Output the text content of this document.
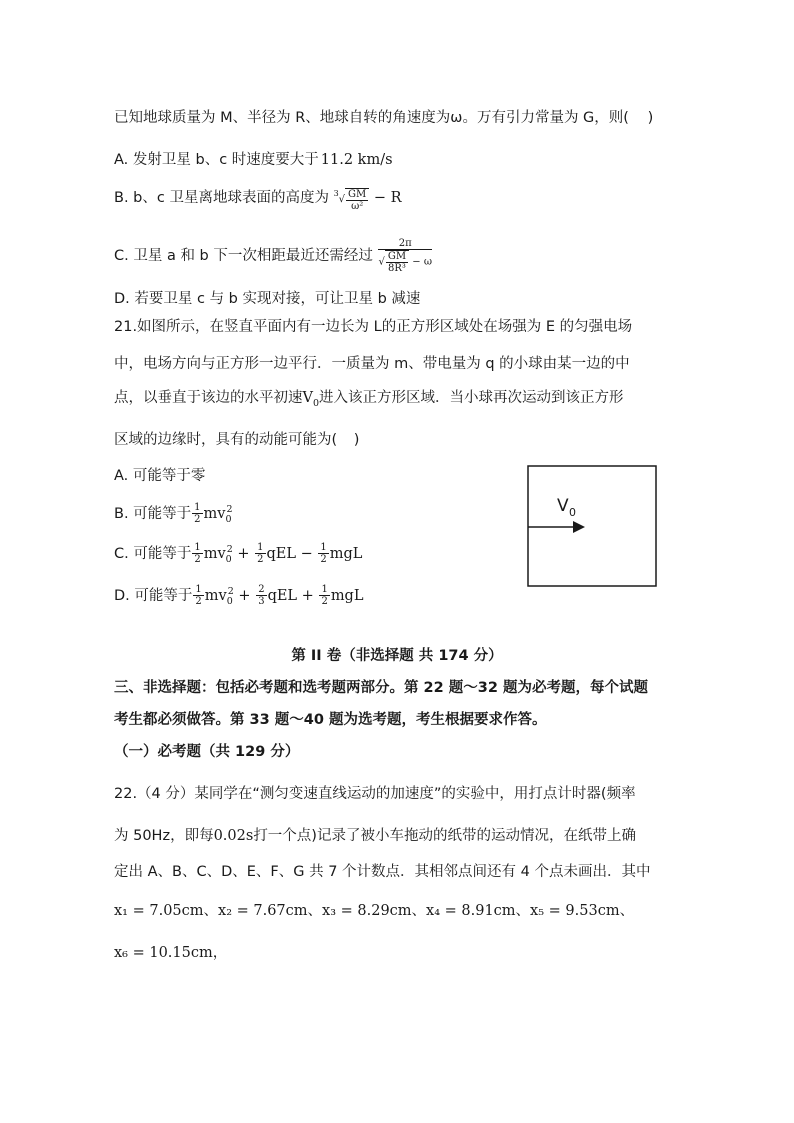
已知地球质量为 M、半径为 R、地球自转的角速度为ω。万有引力常量为 G，则( )
A. 发射卫星 b、c 时速度要大于 11.2 km/s
B. b、c 卫星离地球表面的高度为 $^3√ \frac{GM}{\text{ω²}} - R$
C. 卫星 a 和 b 下一次相距最近还需经过 $\frac{2\pi}{√ \frac{GM}{\text{8R³}} - \omega}$
D. 若要卫星 c 与 b 实现对接，可让卫星 b 减速
21.如图所示，在竖直平面内有一边长为 L的正方形区域处在场强为 E 的匀强电场
中，电场方向与正方形一边平行．一质量为 m、带电量为 q 的小球由某一边的中
点，以垂直于该边的水平初速$V_0$进入该正方形区域．当小球再次运动到该正方形
区域的边缘时，具有的动能可能为( )
A. 可能等于零
B. 可能等于 $\frac{1}{2} mv_0^2$
C. 可能等于 $\frac{1}{2} mv_0^2 + \frac{1}{2}$ qEL − $\frac{1}{2}$ mgL
D. 可能等于 $\frac{1}{2} mv_0^2 + \frac{2}{3}$ qEL + $\frac{1}{2}$ mgL
V 0
第 II 卷（非选择题 共 174 分）
三、非选择题：包括必考题和选考题两部分。第 22 题～32 题为必考题，每个试题
考生都必须做答。第 33 题～40 题为选考题，考生根据要求作答。
（一）必考题（共 129 分）
22.（4 分）某同学在“测匀变速直线运动的加速度”的实验中，用打点计时器(频率
为 50Hz，即每0.02s打一个点)记录了被小车拖动的纸带的运动情况，在纸带上确
定出 A、B、C、D、E、F、G 共 7 个计数点．其相邻点间还有 4 个点未画出．其中
x₁ = 7.05cm、x₂ = 7.67cm、x₃ = 8.29cm、x₄ = 8.91cm、x₅ = 9.53cm、
x₆ = 10.15cm，
